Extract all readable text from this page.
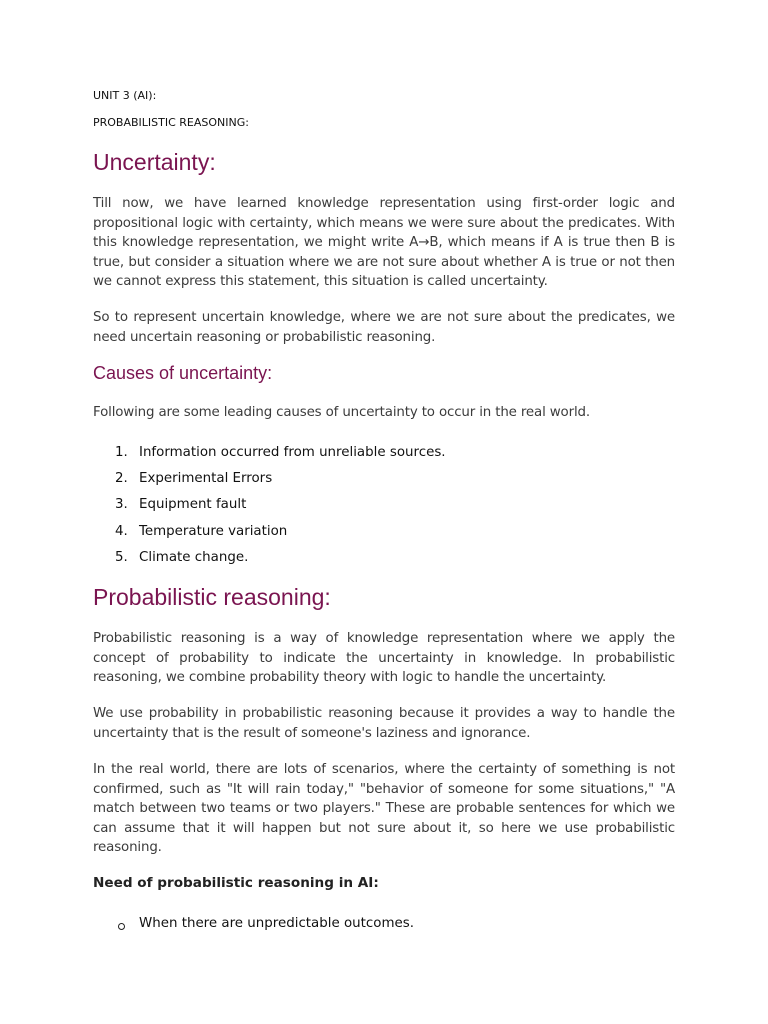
UNIT 3 (AI):
PROBABILISTIC REASONING:
Uncertainty:

Till now, we have learned knowledge representation using first-order logic and propositional logic with certainty, which means we were sure about the predicates. With this knowledge representation, we might write A→B, which means if A is true then B is true, but consider a situation where we are not sure about whether A is true or not then we cannot express this statement, this situation is called uncertainty.

So to represent uncertain knowledge, where we are not sure about the predicates, we need uncertain reasoning or probabilistic reasoning.

Causes of uncertainty:

Following are some leading causes of uncertainty to occur in the real world.

1. Information occurred from unreliable sources.
2. Experimental Errors
3. Equipment fault
4. Temperature variation
5. Climate change.
Probabilistic reasoning:

Probabilistic reasoning is a way of knowledge representation where we apply the concept of probability to indicate the uncertainty in knowledge. In probabilistic reasoning, we combine probability theory with logic to handle the uncertainty.

We use probability in probabilistic reasoning because it provides a way to handle the uncertainty that is the result of someone's laziness and ignorance.

In the real world, there are lots of scenarios, where the certainty of something is not confirmed, such as "It will rain today," "behavior of someone for some situations," "A match between two teams or two players." These are probable sentences for which we can assume that it will happen but not sure about it, so here we use probabilistic reasoning.

Need of probabilistic reasoning in AI:
When there are unpredictable outcomes.
